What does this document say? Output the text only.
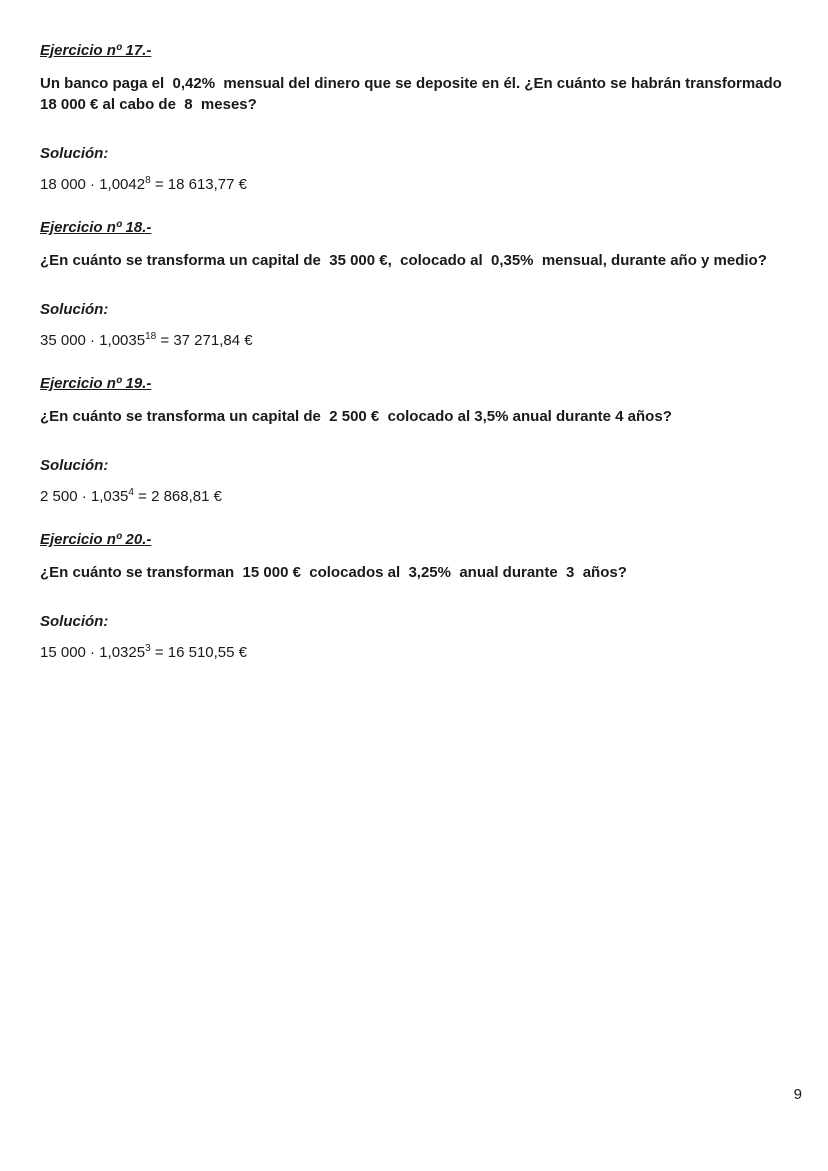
Ejercicio nº 17.-

Un banco paga el  0,42%  mensual del dinero que se deposite en él. ¿En cuánto se habrán transformado  18 000 € al cabo de  8  meses?

Solución:

18 $000 \cdot 1,0042^8 = 18$ 613,77 €

Ejercicio nº 18.-

¿En cuánto se transforma un capital de  35 000 €,  colocado al  0,35%  mensual, durante año y medio?

Solución:

35 $000 \cdot 1,0035^{18} = 37$ 271,84 €

Ejercicio nº 19.-

¿En cuánto se transforma un capital de  2 500 €  colocado al 3,5% anual durante 4 años?

Solución:

2 $500 \cdot 1,035^4 = 2$ 868,81 €

Ejercicio nº 20.-

¿En cuánto se transforman  15 000 €  colocados al  3,25%  anual durante  3  años?

Solución:

15 $000 \cdot 1,0325^3 = 16$ 510,55 €

9
